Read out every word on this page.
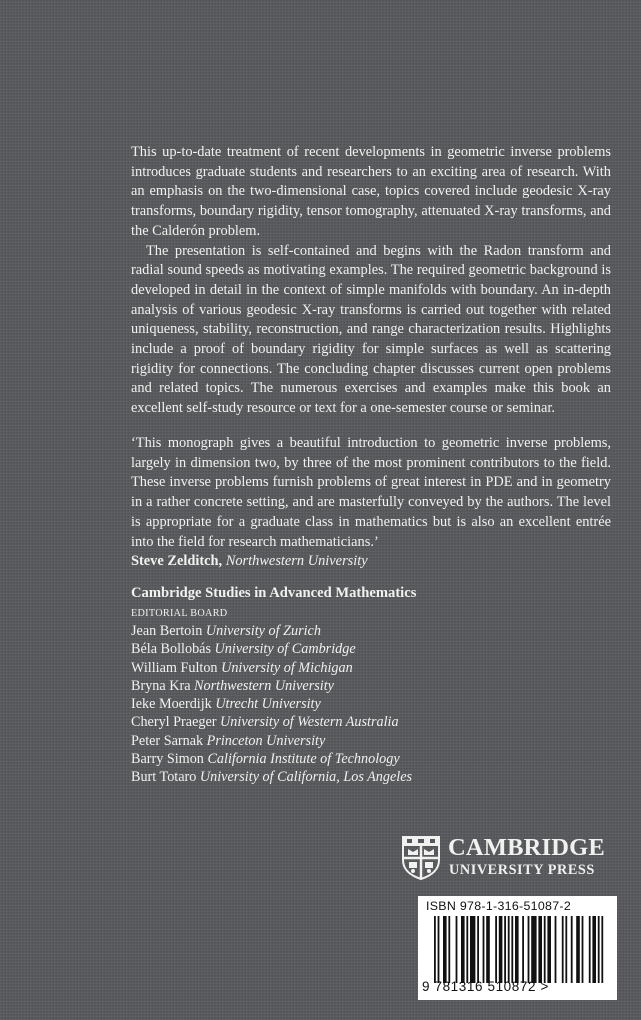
This up-to-date treatment of recent developments in geometric inverse problems introduces graduate students and researchers to an exciting area of research. With an emphasis on the two-dimensional case, topics covered include geodesic X-ray transforms, boundary rigidity, tensor tomography, attenuated X-ray transforms, and the Calderón problem.

The presentation is self-contained and begins with the Radon transform and radial sound speeds as motivating examples. The required geometric background is developed in detail in the context of simple manifolds with boundary. An in-depth analysis of various geodesic X-ray transforms is carried out together with related uniqueness, stability, reconstruction, and range characterization results. Highlights include a proof of boundary rigidity for simple surfaces as well as scattering rigidity for connections. The concluding chapter discusses current open problems and related topics. The numerous exercises and examples make this book an excellent self-study resource or text for a one-semester course or seminar.

‘This monograph gives a beautiful introduction to geometric inverse problems, largely in dimension two, by three of the most prominent contributors to the field. These inverse problems furnish problems of great interest in PDE and in geometry in a rather concrete setting, and are masterfully conveyed by the authors. The level is appropriate for a graduate class in mathematics but is also an excellent entrée into the field for research mathematicians.’

Steve Zelditch, Northwestern University
Cambridge Studies in Advanced Mathematics
EDITORIAL BOARD
Jean Bertoin University of Zurich
Béla Bollobás University of Cambridge
William Fulton University of Michigan
Bryna Kra Northwestern University
Ieke Moerdijk Utrecht University
Cheryl Praeger University of Western Australia
Peter Sarnak Princeton University
Barry Simon California Institute of Technology
Burt Totaro University of California, Los Angeles
CAMBRIDGE
UNIVERSITY PRESS
ISBN 978-1-316-51087-2
9 781316 510872 >
